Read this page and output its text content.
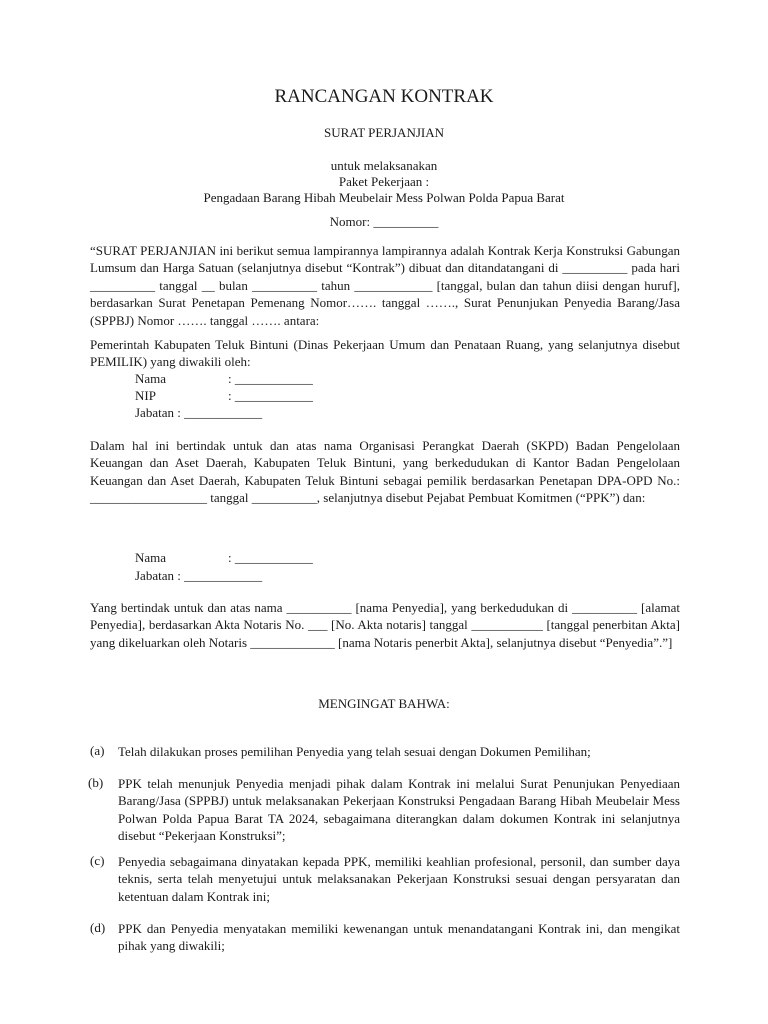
RANCANGAN KONTRAK
SURAT PERJANJIAN
untuk melaksanakan
Paket Pekerjaan :
Pengadaan Barang Hibah Meubelair Mess Polwan Polda Papua Barat
Nomor: __________
“SURAT PERJANJIAN ini berikut semua lampirannya lampirannya adalah Kontrak Kerja Konstruksi Gabungan Lumsum dan Harga Satuan (selanjutnya disebut “Kontrak”) dibuat dan ditandatangani di __________ pada hari __________ tanggal __ bulan __________ tahun ____________ [tanggal, bulan dan tahun diisi dengan huruf], berdasarkan Surat Penetapan Pemenang Nomor……. tanggal ……., Surat Penunjukan Penyedia Barang/Jasa (SPPBJ) Nomor ……. tanggal ……. antara:
Pemerintah Kabupaten Teluk Bintuni (Dinas Pekerjaan Umum dan Penataan Ruang, yang selanjutnya disebut PEMILIK) yang diwakili oleh:
Nama	: ____________
NIP	: ____________
Jabatan : ____________
Dalam hal ini bertindak untuk dan atas nama Organisasi Perangkat Daerah (SKPD) Badan Pengelolaan Keuangan dan Aset Daerah, Kabupaten Teluk Bintuni, yang berkedudukan di Kantor Badan Pengelolaan Keuangan dan Aset Daerah, Kabupaten Teluk Bintuni sebagai pemilik berdasarkan Penetapan DPA-OPD No.: __________________ tanggal __________, selanjutnya disebut Pejabat Pembuat Komitmen (“PPK”) dan:
Nama	: ____________
Jabatan : ____________
Yang bertindak untuk dan atas nama __________ [nama Penyedia], yang berkedudukan di __________ [alamat Penyedia], berdasarkan Akta Notaris No. ___ [No. Akta notaris] tanggal ___________ [tanggal penerbitan Akta] yang dikeluarkan oleh Notaris _____________ [nama Notaris penerbit Akta], selanjutnya disebut “Penyedia”.”]
MENGINGAT BAHWA:
(a) Telah dilakukan proses pemilihan Penyedia yang telah sesuai dengan Dokumen Pemilihan;
(b) PPK telah menunjuk Penyedia menjadi pihak dalam Kontrak ini melalui Surat Penunjukan Penyediaan Barang/Jasa (SPPBJ) untuk melaksanakan Pekerjaan Konstruksi Pengadaan Barang Hibah Meubelair Mess Polwan Polda Papua Barat TA 2024, sebagaimana diterangkan dalam dokumen Kontrak ini selanjutnya disebut “Pekerjaan Konstruksi”;
(c) Penyedia sebagaimana dinyatakan kepada PPK, memiliki keahlian profesional, personil, dan sumber daya teknis, serta telah menyetujui untuk melaksanakan Pekerjaan Konstruksi sesuai dengan persyaratan dan ketentuan dalam Kontrak ini;
(d) PPK dan Penyedia menyatakan memiliki kewenangan untuk menandatangani Kontrak ini, dan mengikat pihak yang diwakili;
